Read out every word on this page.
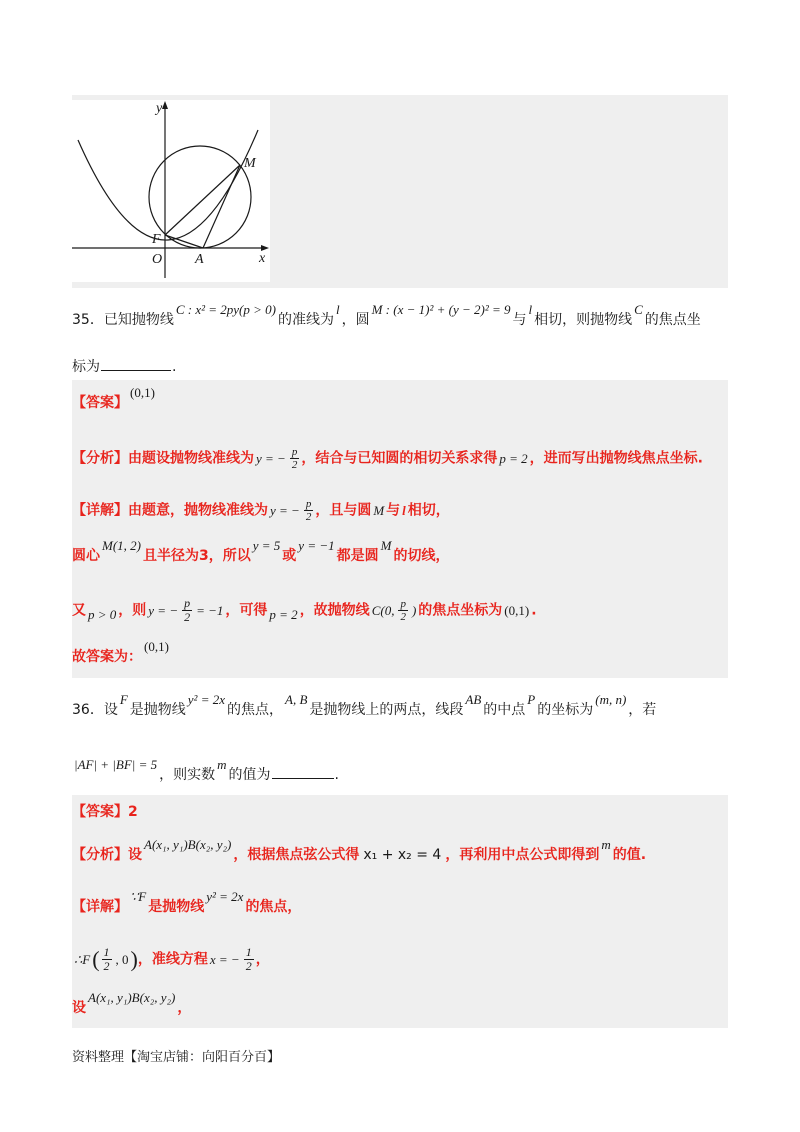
y
M
F
O A	x
35．已知抛物线C : x² = 2py(p > 0)的准线为l，圆M : (x − 1)² + (y − 2)² = 9与l相切，则抛物线C的焦点坐
标为	.
【答案】(0,1)
【分析】由题设抛物线准线为 y = − $\frac{p}{2}$ ，结合与已知圆的相切关系求得 p = 2 ，进而写出抛物线焦点坐标.
【详解】由题意，抛物线准线为 y = − $\frac{p}{2}$ ，且与圆 M 与 l 相切，
圆心M(1, 2)且半径为3，所以y = 5或y = −1都是圆M的切线，
又 p > 0 ，则 y = − $\frac{p}{2} = -1$ ，可得 p = 2 ，故抛物线 C(0, $\frac{p}{2}$ ) 的焦点坐标为 (0,1) .
故答案为：(0,1)
36．设F是抛物线y² = 2x的焦点，A, B是抛物线上的两点，线段AB的中点P的坐标为(m, n)，若
|AF| + |BF| = 5，则实数m的值为	.
【答案】2
【分析】设A(x₁, y₁)B(x₂, y₂)，根据焦点弦公式得 x₁ + x₂ = 4 ，再利用中点公式即得到m的值.
【详解】∵F是抛物线y² = 2x的焦点，
∴F( $\frac{1}{2}$ , 0)，准线方程 x = − $\frac{1}{2}$ ，
设A(x₁, y₁)B(x₂, y₂)，
资料整理【淘宝店铺：向阳百分百】
